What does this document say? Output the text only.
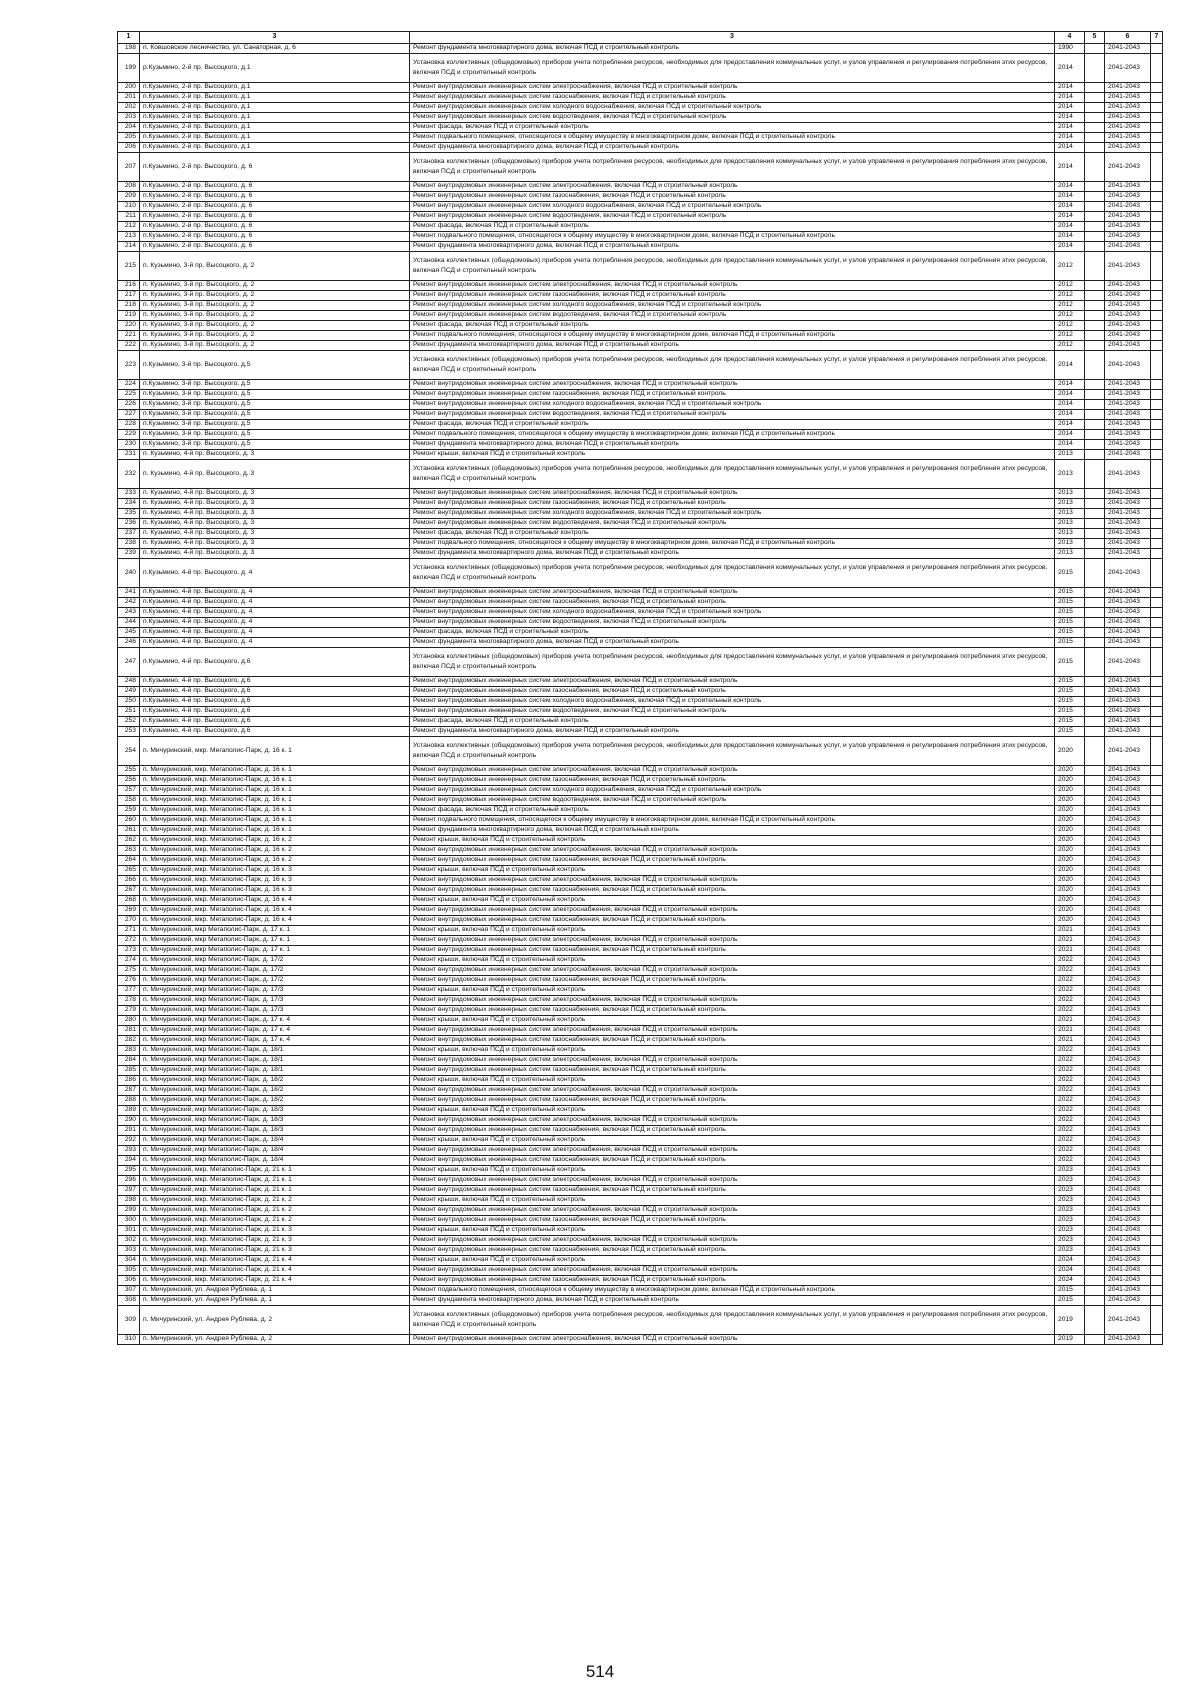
1	3	3	4	5	6	7
198	п. Ковшовское лесничество, ул. Санаторная, д. 6	Ремонт фундамента многоквартирного дома, включая ПСД и строительный контроль	1990		2041-2043	
199	р.Кузьмино, 2-й пр. Высоцкого, д.1	Установка коллективных (общедомовых) приборов учета потребления ресурсов, необходимых для предоставления коммунальных услуг, и узлов управления и регулирования потребления этих ресурсов, включая ПСД и строительный контроль	2014		2041-2043	
200	п.Кузьмино, 2-й пр. Высоцкого, д.1	Ремонт внутридомовых инженерных систем электроснабжения, включая ПСД и строительный контроль	2014		2041-2043	
201	п.Кузьмино, 2-й пр. Высоцкого, д.1	Ремонт внутридомовых инженерных систем газоснабжения, включая ПСД и строительный контроль	2014		2041-2043	
202	п.Кузьмино, 2-й пр. Высоцкого, д.1	Ремонт внутридомовых инженерных систем холодного водоснабжения, включая ПСД и строительный контроль	2014		2041-2043	
203	п.Кузьмино, 2-й пр. Высоцкого, д.1	Ремонт внутридомовых инженерных систем водоотведения, включая ПСД и строительный контроль	2014		2041-2043	
204	п.Кузьмино, 2-й пр. Высоцкого, д.1	Ремонт фасада, включая ПСД и строительный контроль	2014		2041-2043	
205	п.Кузьмино, 2-й пр. Высоцкого, д.1	Ремонт подвального помещения, относящегося к общему имуществу в многоквартирном доме, включая ПСД и строительный контроль	2014		2041-2043	
206	п.Кузьмино, 2-й пр. Высоцкого, д.1	Ремонт фундамента многоквартирного дома, включая ПСД и строительный контроль	2014		2041-2043	
207	п.Кузьмино, 2-й пр. Высоцкого, д. 6	Установка коллективных (общедомовых) приборов учета потребления ресурсов, необходимых для предоставления коммунальных услуг, и узлов управления и регулирования потребления этих ресурсов, включая ПСД и строительный контроль	2014		2041-2043	
208	п.Кузьмино, 2-й пр. Высоцкого, д. 6	Ремонт внутридомовых инженерных систем электроснабжения, включая ПСД и строительный контроль	2014		2041-2043	
209	п.Кузьмино, 2-й пр. Высоцкого, д. 6	Ремонт внутридомовых инженерных систем газоснабжения, включая ПСД и строительный контроль	2014		2041-2043	
210	п.Кузьмино, 2-й пр. Высоцкого, д. 6	Ремонт внутридомовых инженерных систем холодного водоснабжения, включая ПСД и строительный контроль	2014		2041-2043	
211	п.Кузьмино, 2-й пр. Высоцкого, д. 6	Ремонт внутридомовых инженерных систем водоотведения, включая ПСД и строительный контроль	2014		2041-2043	
212	п.Кузьмино, 2-й пр. Высоцкого, д. 6	Ремонт фасада, включая ПСД и строительный контроль	2014		2041-2043	
213	п.Кузьмино, 2-й пр. Высоцкого, д. 6	Ремонт подвального помещения, относящегося к общему имуществу в многоквартирном доме, включая ПСД и строительный контроль	2014		2041-2043	
214	п.Кузьмино, 2-й пр. Высоцкого, д. 6	Ремонт фундамента многоквартирного дома, включая ПСД и строительный контроль	2014		2041-2043	
215	п. Кузьмино, 3-й пр. Высоцкого, д. 2	Установка коллективных (общедомовых) приборов учета потребления ресурсов, необходимых для предоставления коммунальных услуг, и узлов управления и регулирования потребления этих ресурсов, включая ПСД и строительный контроль	2012		2041-2043	
216	п. Кузьмино, 3-й пр. Высоцкого, д. 2	Ремонт внутридомовых инженерных систем электроснабжения, включая ПСД и строительный контроль	2012		2041-2043	
217	п. Кузьмино, 3-й пр. Высоцкого, д. 2	Ремонт внутридомовых инженерных систем газоснабжения, включая ПСД и строительный контроль	2012		2041-2043	
218	п. Кузьмино, 3-й пр. Высоцкого, д. 2	Ремонт внутридомовых инженерных систем холодного водоснабжения, включая ПСД и строительный контроль	2012		2041-2043	
219	п. Кузьмино, 3-й пр. Высоцкого, д. 2	Ремонт внутридомовых инженерных систем водоотведения, включая ПСД и строительный контроль	2012		2041-2043	
220	п. Кузьмино, 3-й пр. Высоцкого, д. 2	Ремонт фасада, включая ПСД и строительный контроль	2012		2041-2043	
221	п. Кузьмино, 3-й пр. Высоцкого, д. 2	Ремонт подвального помещения, относящегося к общему имуществу в многоквартирном доме, включая ПСД и строительный контроль	2012		2041-2043	
222	п. Кузьмино, 3-й пр. Высоцкого, д. 2	Ремонт фундамента многоквартирного дома, включая ПСД и строительный контроль	2012		2041-2043	
223	п.Кузьмино, 3-й пр. Высоцкого, д.5	Установка коллективных (общедомовых) приборов учета потребления ресурсов, необходимых для предоставления коммунальных услуг, и узлов управления и регулирования потребления этих ресурсов, включая ПСД и строительный контроль	2014		2041-2043	
224	п.Кузьмино, 3-й пр. Высоцкого, д.5	Ремонт внутридомовых инженерных систем электроснабжения, включая ПСД и строительный контроль	2014		2041-2043	
225	п.Кузьмино, 3-й пр. Высоцкого, д.5	Ремонт внутридомовых инженерных систем газоснабжения, включая ПСД и строительный контроль	2014		2041-2043	
226	п.Кузьмино, 3-й пр. Высоцкого, д.5	Ремонт внутридомовых инженерных систем холодного водоснабжения, включая ПСД и строительный контроль	2014		2041-2043	
227	п.Кузьмино, 3-й пр. Высоцкого, д.5	Ремонт внутридомовых инженерных систем водоотведения, включая ПСД и строительный контроль	2014		2041-2043	
228	п.Кузьмино, 3-й пр. Высоцкого, д.5	Ремонт фасада, включая ПСД и строительный контроль	2014		2041-2043	
229	п.Кузьмино, 3-й пр. Высоцкого, д.5	Ремонт подвального помещения, относящегося к общему имуществу в многоквартирном доме, включая ПСД и строительный контроль	2014		2041-2043	
230	п.Кузьмино, 3-й пр. Высоцкого, д.5	Ремонт фундамента многоквартирного дома, включая ПСД и строительный контроль	2014		2041-2043	
231	п. Кузьмино, 4-й пр. Высоцкого, д. 3	Ремонт крыши, включая ПСД и строительный контроль	2013		2041-2043	
232	п. Кузьмино, 4-й пр. Высоцкого, д. 3	Установка коллективных (общедомовых) приборов учета потребления ресурсов, необходимых для предоставления коммунальных услуг, и узлов управления и регулирования потребления этих ресурсов, включая ПСД и строительный контроль	2013		2041-2043	
233	п. Кузьмино, 4-й пр. Высоцкого, д. 3	Ремонт внутридомовых инженерных систем электроснабжения, включая ПСД и строительный контроль	2013		2041-2043	
234	п. Кузьмино, 4-й пр. Высоцкого, д. 3	Ремонт внутридомовых инженерных систем газоснабжения, включая ПСД и строительный контроль	2013		2041-2043	
235	п. Кузьмино, 4-й пр. Высоцкого, д. 3	Ремонт внутридомовых инженерных систем холодного водоснабжения, включая ПСД и строительный контроль	2013		2041-2043	
236	п. Кузьмино, 4-й пр. Высоцкого, д. 3	Ремонт внутридомовых инженерных систем водоотведения, включая ПСД и строительный контроль	2013		2041-2043	
237	п. Кузьмино, 4-й пр. Высоцкого, д. 3	Ремонт фасада, включая ПСД и строительный контроль	2013		2041-2043	
238	п. Кузьмино, 4-й пр. Высоцкого, д. 3	Ремонт подвального помещения, относящегося к общему имуществу в многоквартирном доме, включая ПСД и строительный контроль	2013		2041-2043	
239	п. Кузьмино, 4-й пр. Высоцкого, д. 3	Ремонт фундамента многоквартирного дома, включая ПСД и строительный контроль	2013		2041-2043	
240	п.Кузьмино, 4-й пр. Высоцкого, д. 4	Установка коллективных (общедомовых) приборов учета потребления ресурсов, необходимых для предоставления коммунальных услуг, и узлов управления и регулирования потребления этих ресурсов, включая ПСД и строительный контроль	2015		2041-2043	
241	п.Кузьмино, 4-й пр. Высоцкого, д. 4	Ремонт внутридомовых инженерных систем электроснабжения, включая ПСД и строительный контроль	2015		2041-2043	
242	п.Кузьмино, 4-й пр. Высоцкого, д. 4	Ремонт внутридомовых инженерных систем газоснабжения, включая ПСД и строительный контроль	2015		2041-2043	
243	п.Кузьмино, 4-й пр. Высоцкого, д. 4	Ремонт внутридомовых инженерных систем холодного водоснабжения, включая ПСД и строительный контроль	2015		2041-2043	
244	п.Кузьмино, 4-й пр. Высоцкого, д. 4	Ремонт внутридомовых инженерных систем водоотведения, включая ПСД и строительный контроль	2015		2041-2043	
245	п.Кузьмино, 4-й пр. Высоцкого, д. 4	Ремонт фасада, включая ПСД и строительный контроль	2015		2041-2043	
246	п.Кузьмино, 4-й пр. Высоцкого, д. 4	Ремонт фундамента многоквартирного дома, включая ПСД и строительный контроль	2015		2041-2043	
247	п.Кузьмино, 4-й пр. Высоцкого, д.6	Установка коллективных (общедомовых) приборов учета потребления ресурсов, необходимых для предоставления коммунальных услуг, и узлов управления и регулирования потребления этих ресурсов, включая ПСД и строительный контроль	2015		2041-2043	
248	п.Кузьмино, 4-й пр. Высоцкого, д.6	Ремонт внутридомовых инженерных систем электроснабжения, включая ПСД и строительный контроль	2015		2041-2043	
249	п.Кузьмино, 4-й пр. Высоцкого, д.6	Ремонт внутридомовых инженерных систем газоснабжения, включая ПСД и строительный контроль	2015		2041-2043	
250	п.Кузьмино, 4-й пр. Высоцкого, д.6	Ремонт внутридомовых инженерных систем холодного водоснабжения, включая ПСД и строительный контроль	2015		2041-2043	
251	п.Кузьмино, 4-й пр. Высоцкого, д.6	Ремонт внутридомовых инженерных систем водоотведения, включая ПСД и строительный контроль	2015		2041-2043	
252	п.Кузьмино, 4-й пр. Высоцкого, д.6	Ремонт фасада, включая ПСД и строительный контроль	2015		2041-2043	
253	п.Кузьмино, 4-й пр. Высоцкого, д.6	Ремонт фундамента многоквартирного дома, включая ПСД и строительный контроль	2015		2041-2043	
254	п. Мичуринский, мкр. Мегаполис-Парк, д. 16 к. 1	Установка коллективных (общедомовых) приборов учета потребления ресурсов, необходимых для предоставления коммунальных услуг, и узлов управления и регулирования потребления этих ресурсов, включая ПСД и строительный контроль	2020		2041-2043	
255	п. Мичуринский, мкр. Мегаполис-Парк, д. 16 к. 1	Ремонт внутридомовых инженерных систем электроснабжения, включая ПСД и строительный контроль	2020		2041-2043	
256	п. Мичуринский, мкр. Мегаполис-Парк, д. 16 к. 1	Ремонт внутридомовых инженерных систем газоснабжения, включая ПСД и строительный контроль	2020		2041-2043	
257	п. Мичуринский, мкр. Мегаполис-Парк, д. 16 к. 1	Ремонт внутридомовых инженерных систем холодного водоснабжения, включая ПСД и строительный контроль	2020		2041-2043	
258	п. Мичуринский, мкр. Мегаполис-Парк, д. 16 к. 1	Ремонт внутридомовых инженерных систем водоотведения, включая ПСД и строительный контроль	2020		2041-2043	
259	п. Мичуринский, мкр. Мегаполис-Парк, д. 16 к. 1	Ремонт фасада, включая ПСД и строительный контроль	2020		2041-2043	
260	п. Мичуринский, мкр. Мегаполис-Парк, д. 16 к. 1	Ремонт подвального помещения, относящегося к общему имуществу в многоквартирном доме, включая ПСД и строительный контроль	2020		2041-2043	
261	п. Мичуринский, мкр. Мегаполис-Парк, д. 16 к. 1	Ремонт фундамента многоквартирного дома, включая ПСД и строительный контроль	2020		2041-2043	
262	п. Мичуринский, мкр. Мегаполис-Парк, д. 16 к. 2	Ремонт крыши, включая ПСД и строительный контроль	2020		2041-2043	
263	п. Мичуринский, мкр. Мегаполис-Парк, д. 16 к. 2	Ремонт внутридомовых инженерных систем электроснабжения, включая ПСД и строительный контроль	2020		2041-2043	
264	п. Мичуринский, мкр. Мегаполис-Парк, д. 16 к. 2	Ремонт внутридомовых инженерных систем газоснабжения, включая ПСД и строительный контроль	2020		2041-2043	
265	п. Мичуринский, мкр. Мегаполис-Парк, д. 16 к. 3	Ремонт крыши, включая ПСД и строительный контроль	2020		2041-2043	
266	п. Мичуринский, мкр. Мегаполис-Парк, д. 16 к. 3	Ремонт внутридомовых инженерных систем электроснабжения, включая ПСД и строительный контроль	2020		2041-2043	
267	п. Мичуринский, мкр. Мегаполис-Парк, д. 16 к. 3	Ремонт внутридомовых инженерных систем газоснабжения, включая ПСД и строительный контроль	2020		2041-2043	
268	п. Мичуринский, мкр. Мегаполис-Парк, д. 16 к. 4	Ремонт крыши, включая ПСД и строительный контроль	2020		2041-2043	
269	п. Мичуринский, мкр. Мегаполис-Парк, д. 16 к. 4	Ремонт внутридомовых инженерных систем электроснабжения, включая ПСД и строительный контроль	2020		2041-2043	
270	п. Мичуринский, мкр. Мегаполис-Парк, д. 16 к. 4	Ремонт внутридомовых инженерных систем газоснабжения, включая ПСД и строительный контроль	2020		2041-2043	
271	п. Мичуринский, мкр Мегаполис-Парк, д. 17 к. 1	Ремонт крыши, включая ПСД и строительный контроль	2021		2041-2043	
272	п. Мичуринский, мкр Мегаполис-Парк, д. 17 к. 1	Ремонт внутридомовых инженерных систем электроснабжения, включая ПСД и строительный контроль	2021		2041-2043	
273	п. Мичуринский, мкр Мегаполис-Парк, д. 17 к. 1	Ремонт внутридомовых инженерных систем газоснабжения, включая ПСД и строительный контроль	2021		2041-2043	
274	п. Мичуринский, мкр Мегаполис-Парк, д. 17/2	Ремонт крыши, включая ПСД и строительный контроль	2022		2041-2043	
275	п. Мичуринский, мкр Мегаполис-Парк, д. 17/2	Ремонт внутридомовых инженерных систем электроснабжения, включая ПСД и строительный контроль	2022		2041-2043	
276	п. Мичуринский, мкр Мегаполис-Парк, д. 17/2	Ремонт внутридомовых инженерных систем газоснабжения, включая ПСД и строительный контроль	2022		2041-2043	
277	п. Мичуринский, мкр Мегаполис-Парк, д. 17/3	Ремонт крыши, включая ПСД и строительный контроль	2022		2041-2043	
278	п. Мичуринский, мкр Мегаполис-Парк, д. 17/3	Ремонт внутридомовых инженерных систем электроснабжения, включая ПСД и строительный контроль	2022		2041-2043	
279	п. Мичуринский, мкр Мегаполис-Парк, д. 17/3	Ремонт внутридомовых инженерных систем газоснабжения, включая ПСД и строительный контроль	2022		2041-2043	
280	п. Мичуринский, мкр Мегаполис-Парк, д. 17 к. 4	Ремонт крыши, включая ПСД и строительный контроль	2021		2041-2043	
281	п. Мичуринский, мкр Мегаполис-Парк, д. 17 к. 4	Ремонт внутридомовых инженерных систем электроснабжения, включая ПСД и строительный контроль	2021		2041-2043	
282	п. Мичуринский, мкр Мегаполис-Парк, д. 17 к. 4	Ремонт внутридомовых инженерных систем газоснабжения, включая ПСД и строительный контроль	2021		2041-2043	
283	п. Мичуринский, мкр Мегаполис-Парк, д. 18/1	Ремонт крыши, включая ПСД и строительный контроль	2022		2041-2043	
284	п. Мичуринский, мкр Мегаполис-Парк, д. 18/1	Ремонт внутридомовых инженерных систем электроснабжения, включая ПСД и строительный контроль	2022		2041-2043	
285	п. Мичуринский, мкр Мегаполис-Парк, д. 18/1	Ремонт внутридомовых инженерных систем газоснабжения, включая ПСД и строительный контроль	2022		2041-2043	
286	п. Мичуринский, мкр Мегаполис-Парк, д. 18/2	Ремонт крыши, включая ПСД и строительный контроль	2022		2041-2043	
287	п. Мичуринский, мкр Мегаполис-Парк, д. 18/2	Ремонт внутридомовых инженерных систем электроснабжения, включая ПСД и строительный контроль	2022		2041-2043	
288	п. Мичуринский, мкр Мегаполис-Парк, д. 18/2	Ремонт внутридомовых инженерных систем газоснабжения, включая ПСД и строительный контроль	2022		2041-2043	
289	п. Мичуринский, мкр Мегаполис-Парк, д. 18/3	Ремонт крыши, включая ПСД и строительный контроль	2022		2041-2043	
290	п. Мичуринский, мкр Мегаполис-Парк, д. 18/3	Ремонт внутридомовых инженерных систем электроснабжения, включая ПСД и строительный контроль	2022		2041-2043	
291	п. Мичуринский, мкр Мегаполис-Парк, д. 18/3	Ремонт внутридомовых инженерных систем газоснабжения, включая ПСД и строительный контроль	2022		2041-2043	
292	п. Мичуринский, мкр Мегаполис-Парк, д. 18/4	Ремонт крыши, включая ПСД и строительный контроль	2022		2041-2043	
293	п. Мичуринский, мкр Мегаполис-Парк, д. 18/4	Ремонт внутридомовых инженерных систем электроснабжения, включая ПСД и строительный контроль	2022		2041-2043	
294	п. Мичуринский, мкр Мегаполис-Парк, д. 18/4	Ремонт внутридомовых инженерных систем газоснабжения, включая ПСД и строительный контроль	2022		2041-2043	
295	п. Мичуринский, мкр. Мегаполис-Парк, д. 21 к. 1	Ремонт крыши, включая ПСД и строительный контроль	2023		2041-2043	
296	п. Мичуринский, мкр. Мегаполис-Парк, д. 21 к. 1	Ремонт внутридомовых инженерных систем электроснабжения, включая ПСД и строительный контроль	2023		2041-2043	
297	п. Мичуринский, мкр. Мегаполис-Парк, д. 21 к. 1	Ремонт внутридомовых инженерных систем газоснабжения, включая ПСД и строительный контроль	2023		2041-2043	
298	п. Мичуринский, мкр. Мегаполис-Парк, д. 21 к. 2	Ремонт крыши, включая ПСД и строительный контроль	2023		2041-2043	
299	п. Мичуринский, мкр. Мегаполис-Парк, д. 21 к. 2	Ремонт внутридомовых инженерных систем электроснабжения, включая ПСД и строительный контроль	2023		2041-2043	
300	п. Мичуринский, мкр. Мегаполис-Парк, д. 21 к. 2	Ремонт внутридомовых инженерных систем газоснабжения, включая ПСД и строительный контроль	2023		2041-2043	
301	п. Мичуринский, мкр. Мегаполис-Парк, д. 21 к. 3	Ремонт крыши, включая ПСД и строительный контроль	2023		2041-2043	
302	п. Мичуринский, мкр. Мегаполис-Парк, д. 21 к. 3	Ремонт внутридомовых инженерных систем электроснабжения, включая ПСД и строительный контроль	2023		2041-2043	
303	п. Мичуринский, мкр. Мегаполис-Парк, д. 21 к. 3	Ремонт внутридомовых инженерных систем газоснабжения, включая ПСД и строительный контроль	2023		2041-2043	
304	п. Мичуринский, мкр. Мегаполис-Парк, д. 21 к. 4	Ремонт крыши, включая ПСД и строительный контроль	2024		2041-2043	
305	п. Мичуринский, мкр. Мегаполис-Парк, д. 21 к. 4	Ремонт внутридомовых инженерных систем электроснабжения, включая ПСД и строительный контроль	2024		2041-2043	
306	п. Мичуринский, мкр. Мегаполис-Парк, д. 21 к. 4	Ремонт внутридомовых инженерных систем газоснабжения, включая ПСД и строительный контроль	2024		2041-2043	
307	п. Мичуринский, ул. Андрея Рублева, д. 1	Ремонт подвального помещения, относящегося к общему имуществу в многоквартирном доме, включая ПСД и строительный контроль	2015		2041-2043	
308	п. Мичуринский, ул. Андрея Рублева, д. 1	Ремонт фундамента многоквартирного дома, включая ПСД и строительный контроль	2015		2041-2043	
309	п. Мичуринский, ул. Андрея Рублева, д. 2	Установка коллективных (общедомовых) приборов учета потребления ресурсов, необходимых для предоставления коммунальных услуг, и узлов управления и регулирования потребления этих ресурсов, включая ПСД и строительный контроль	2019		2041-2043	
310	п. Мичуринский, ул. Андрея Рублева, д. 2	Ремонт внутридомовых инженерных систем электроснабжения, включая ПСД и строительный контроль	2019		2041-2043	
514
